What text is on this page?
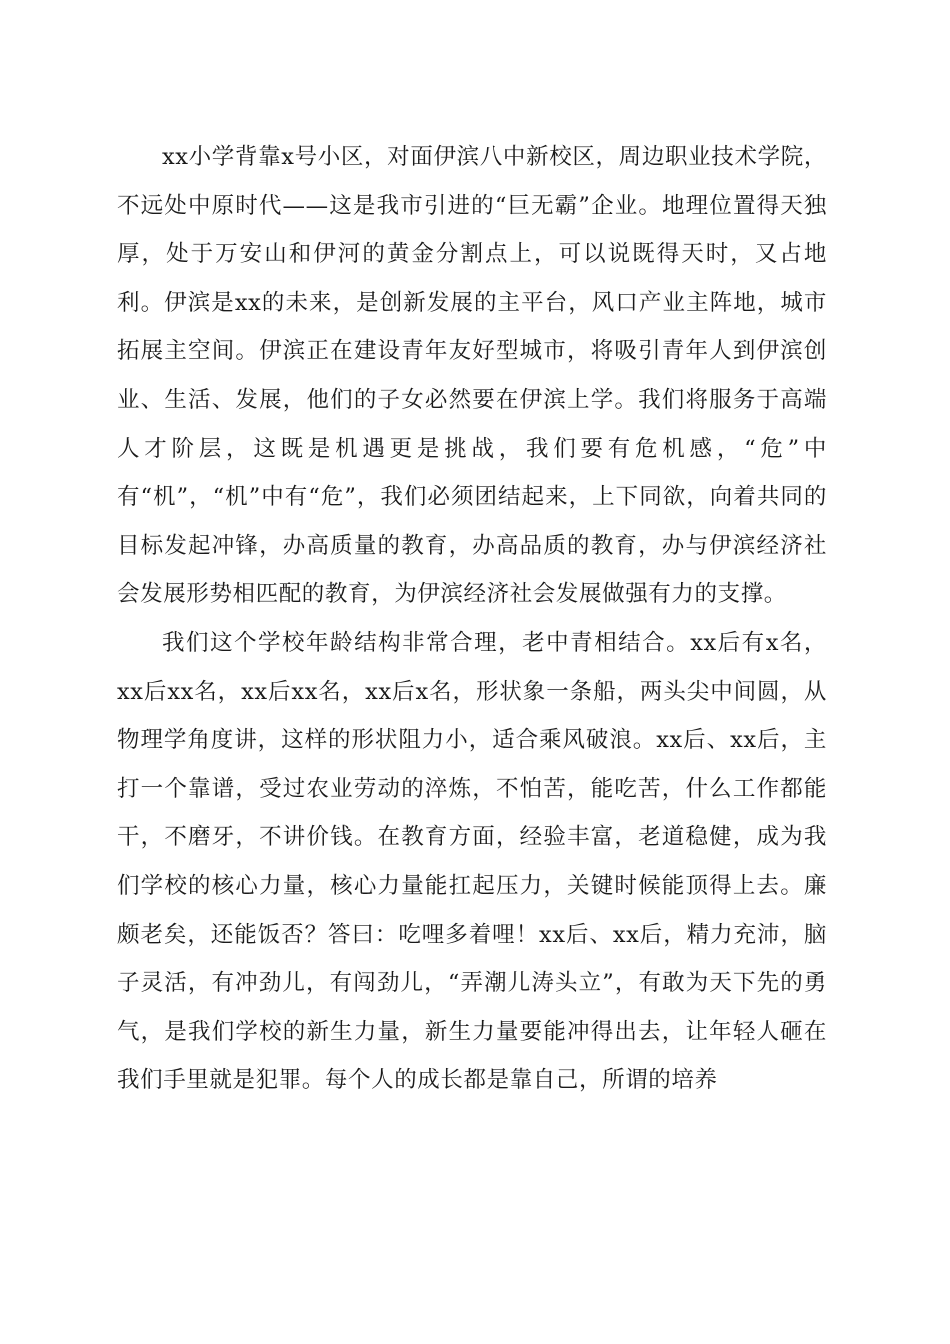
xx小学背靠x号小区，对面伊滨八中新校区，周边职业技术学院，不远处中原时代——这是我市引进的“巨无霸”企业。地理位置得天独厚，处于万安山和伊河的黄金分割点上，可以说既得天时，又占地利。伊滨是xx的未来，是创新发展的主平台，风口产业主阵地，城市拓展主空间。伊滨正在建设青年友好型城市，将吸引青年人到伊滨创业、生活、发展，他们的子女必然要在伊滨上学。我们将服务于高端人才阶层，这既是机遇更是挑战，我们要有危机感，“危”中有“机”，“机”中有“危”，我们必须团结起来，上下同欲，向着共同的目标发起冲锋，办高质量的教育，办高品质的教育，办与伊滨经济社会发展形势相匹配的教育，为伊滨经济社会发展做强有力的支撑。

我们这个学校年龄结构非常合理，老中青相结合。xx后有x名，xx后xx名，xx后xx名，xx后x名，形状象一条船，两头尖中间圆，从物理学角度讲，这样的形状阻力小，适合乘风破浪。xx后、xx后，主打一个靠谱，受过农业劳动的淬炼，不怕苦，能吃苦，什么工作都能干，不磨牙，不讲价钱。在教育方面，经验丰富，老道稳健，成为我们学校的核心力量，核心力量能扛起压力，关键时候能顶得上去。廉颇老矣，还能饭否？答曰：吃哩多着哩！xx后、xx后，精力充沛，脑子灵活，有冲劲儿，有闯劲儿，“弄潮儿涛头立”，有敢为天下先的勇气，是我们学校的新生力量，新生力量要能冲得出去，让年轻人砸在我们手里就是犯罪。每个人的成长都是靠自己，所谓的培养
